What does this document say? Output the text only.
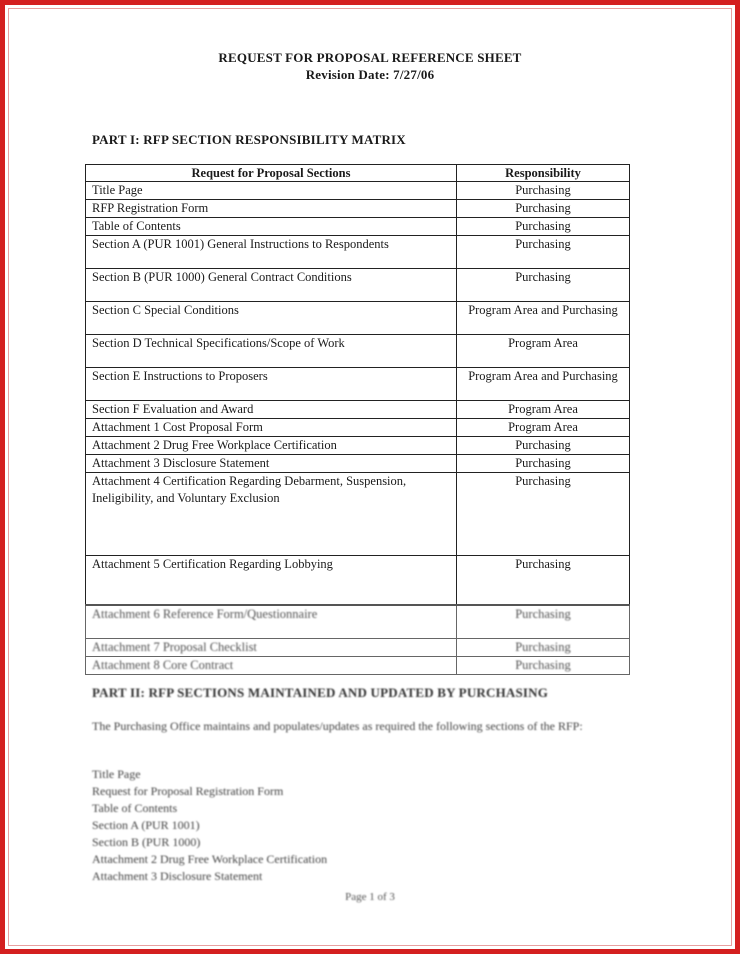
REQUEST FOR PROPOSAL REFERENCE SHEET
Revision Date: 7/27/06
PART I: RFP SECTION RESPONSIBILITY MATRIX
Request for Proposal Sections	Responsibility
Title Page	Purchasing
RFP Registration Form	Purchasing
Table of Contents	Purchasing
Section A (PUR 1001) General Instructions to Respondents	Purchasing
Section B (PUR 1000) General Contract Conditions	Purchasing
Section C Special Conditions	Program Area and Purchasing
Section D Technical Specifications/Scope of Work	Program Area
Section E Instructions to Proposers	Program Area and Purchasing
Section F Evaluation and Award	Program Area
Attachment 1 Cost Proposal Form	Program Area
Attachment 2 Drug Free Workplace Certification	Purchasing
Attachment 3 Disclosure Statement	Purchasing
Attachment 4 Certification Regarding Debarment, Suspension, Ineligibility, and Voluntary Exclusion	Purchasing
Attachment 5 Certification Regarding Lobbying	Purchasing
Attachment 6 Reference Form/Questionnaire	Purchasing
Attachment 7 Proposal Checklist	Purchasing
Attachment 8 Core Contract	Purchasing
PART II: RFP SECTIONS MAINTAINED AND UPDATED BY PURCHASING
The Purchasing Office maintains and populates/updates as required the following sections of the RFP:
Title Page
Request for Proposal Registration Form
Table of Contents
Section A (PUR 1001)
Section B (PUR 1000)
Attachment 2 Drug Free Workplace Certification
Attachment 3 Disclosure Statement
Page 1 of 3
